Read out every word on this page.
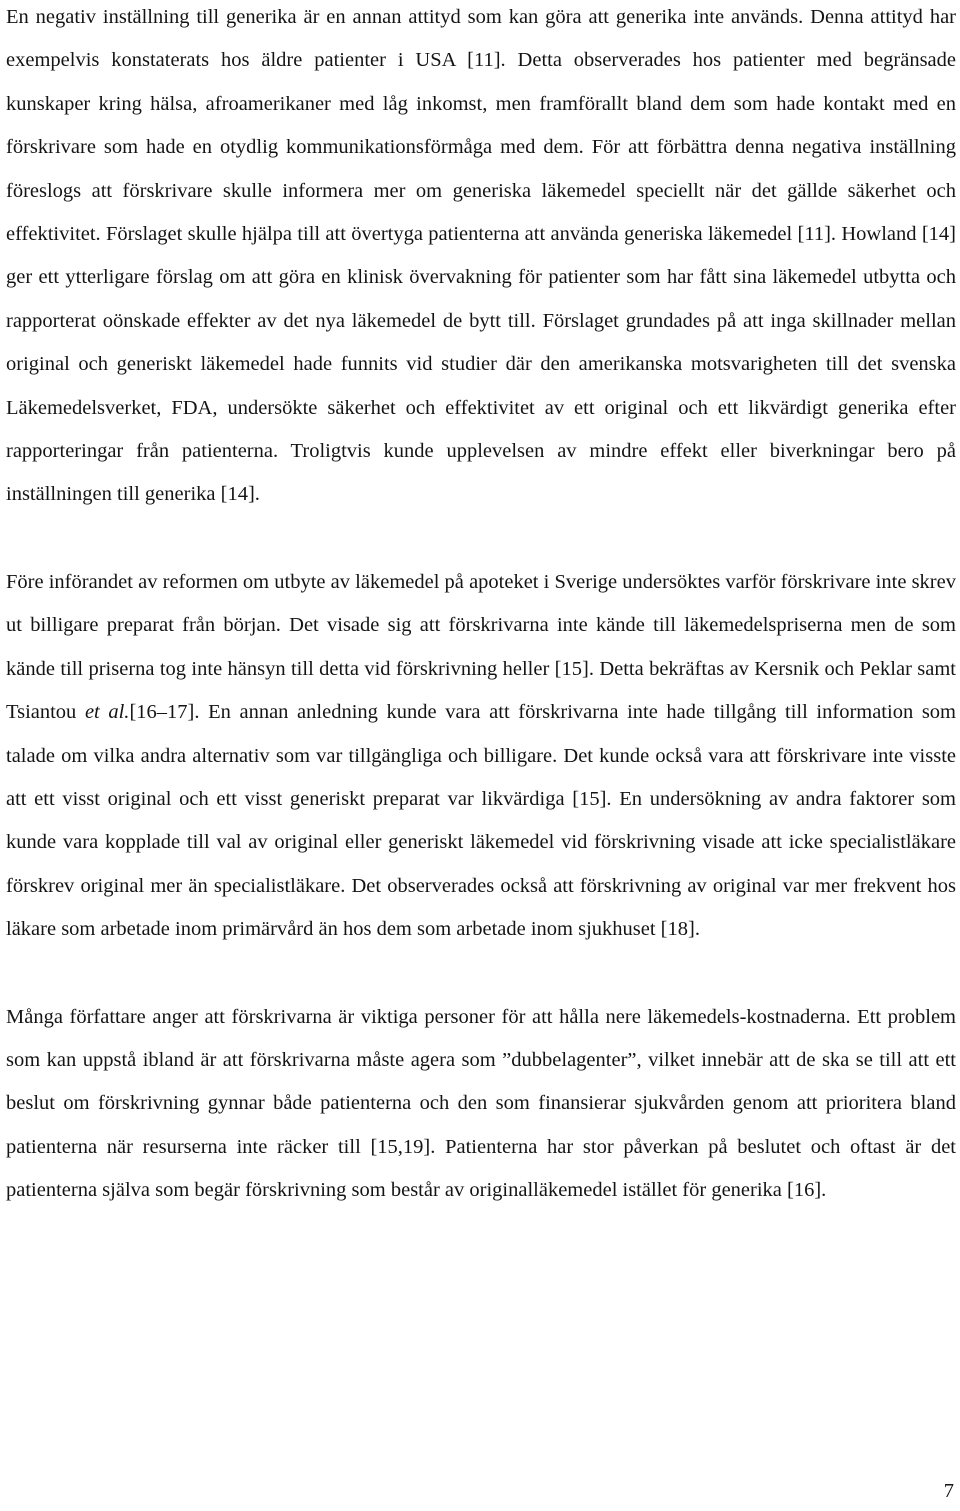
En negativ inställning till generika är en annan attityd som kan göra att generika inte används. Denna attityd har exempelvis konstaterats hos äldre patienter i USA [11]. Detta observerades hos patienter med begränsade kunskaper kring hälsa, afroamerikaner med låg inkomst, men framförallt bland dem som hade kontakt med en förskrivare som hade en otydlig kommunikationsförmåga med dem. För att förbättra denna negativa inställning föreslogs att förskrivare skulle informera mer om generiska läkemedel speciellt när det gällde säkerhet och effektivitet. Förslaget skulle hjälpa till att övertyga patienterna att använda generiska läkemedel [11]. Howland [14] ger ett ytterligare förslag om att göra en klinisk övervakning för patienter som har fått sina läkemedel utbytta och rapporterat oönskade effekter av det nya läkemedel de bytt till. Förslaget grundades på att inga skillnader mellan original och generiskt läkemedel hade funnits vid studier där den amerikanska motsvarigheten till det svenska Läkemedelsverket, FDA, undersökte säkerhet och effektivitet av ett original och ett likvärdigt generika efter rapporteringar från patienterna. Troligtvis kunde upplevelsen av mindre effekt eller biverkningar bero på inställningen till generika [14].

Före införandet av reformen om utbyte av läkemedel på apoteket i Sverige undersöktes varför förskrivare inte skrev ut billigare preparat från början. Det visade sig att förskrivarna inte kände till läkemedelspriserna men de som kände till priserna tog inte hänsyn till detta vid förskrivning heller [15]. Detta bekräftas av Kersnik och Peklar samt Tsiantou et al.[16–17]. En annan anledning kunde vara att förskrivarna inte hade tillgång till information som talade om vilka andra alternativ som var tillgängliga och billigare. Det kunde också vara att förskrivare inte visste att ett visst original och ett visst generiskt preparat var likvärdiga [15]. En undersökning av andra faktorer som kunde vara kopplade till val av original eller generiskt läkemedel vid förskrivning visade att icke specialistläkare förskrev original mer än specialistläkare. Det observerades också att förskrivning av original var mer frekvent hos läkare som arbetade inom primärvård än hos dem som arbetade inom sjukhuset [18].

Många författare anger att förskrivarna är viktiga personer för att hålla nere läkemedels-kostnaderna. Ett problem som kan uppstå ibland är att förskrivarna måste agera som ”dubbelagenter”, vilket innebär att de ska se till att ett beslut om förskrivning gynnar både patienterna och den som finansierar sjukvården genom att prioritera bland patienterna när resurserna inte räcker till [15,19]. Patienterna har stor påverkan på beslutet och oftast är det patienterna själva som begär förskrivning som består av originalläkemedel istället för generika [16].

7
